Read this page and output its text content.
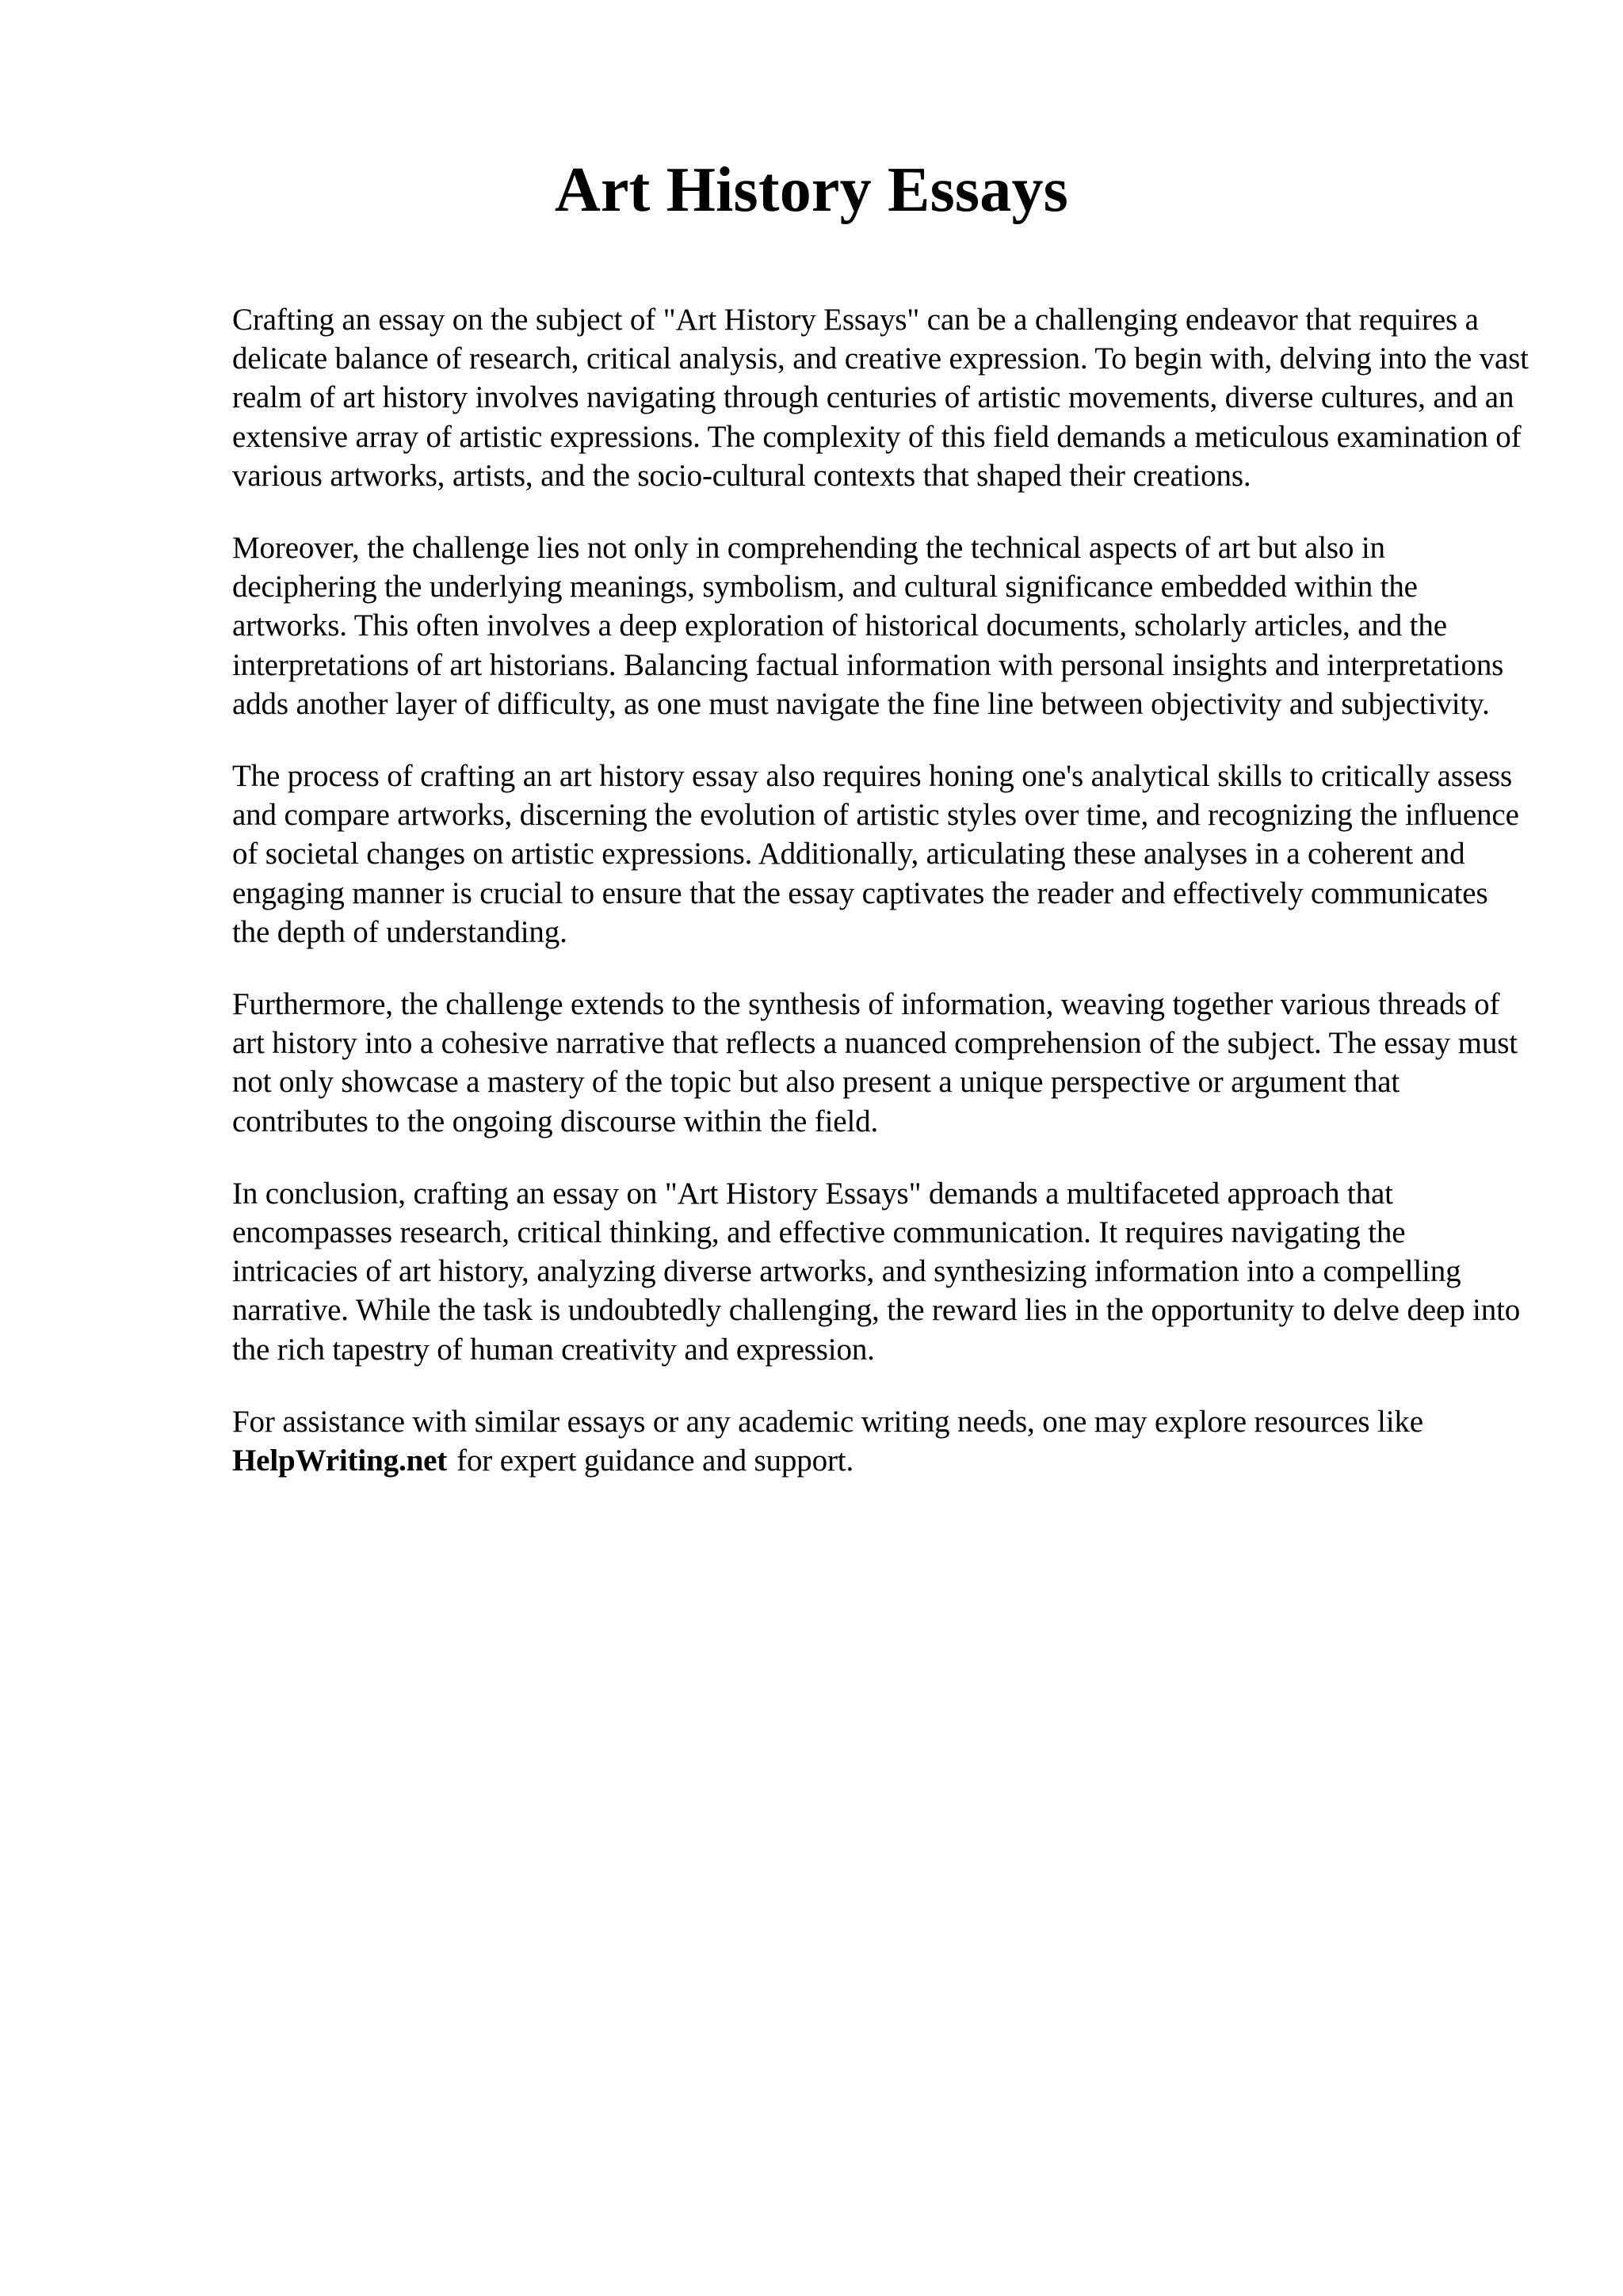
Art History Essays

Crafting an essay on the subject of "Art History Essays" can be a challenging endeavor that requires a delicate balance of research, critical analysis, and creative expression. To begin with, delving into the vast realm of art history involves navigating through centuries of artistic movements, diverse cultures, and an extensive array of artistic expressions. The complexity of this field demands a meticulous examination of various artworks, artists, and the socio-cultural contexts that shaped their creations.

Moreover, the challenge lies not only in comprehending the technical aspects of art but also in deciphering the underlying meanings, symbolism, and cultural significance embedded within the artworks. This often involves a deep exploration of historical documents, scholarly articles, and the interpretations of art historians. Balancing factual information with personal insights and interpretations adds another layer of difficulty, as one must navigate the fine line between objectivity and subjectivity.

The process of crafting an art history essay also requires honing one's analytical skills to critically assess and compare artworks, discerning the evolution of artistic styles over time, and recognizing the influence of societal changes on artistic expressions. Additionally, articulating these analyses in a coherent and engaging manner is crucial to ensure that the essay captivates the reader and effectively communicates the depth of understanding.

Furthermore, the challenge extends to the synthesis of information, weaving together various threads of art history into a cohesive narrative that reflects a nuanced comprehension of the subject. The essay must not only showcase a mastery of the topic but also present a unique perspective or argument that contributes to the ongoing discourse within the field.

In conclusion, crafting an essay on "Art History Essays" demands a multifaceted approach that encompasses research, critical thinking, and effective communication. It requires navigating the intricacies of art history, analyzing diverse artworks, and synthesizing information into a compelling narrative. While the task is undoubtedly challenging, the reward lies in the opportunity to delve deep into the rich tapestry of human creativity and expression.

For assistance with similar essays or any academic writing needs, one may explore resources like
HelpWriting.net for expert guidance and support.
